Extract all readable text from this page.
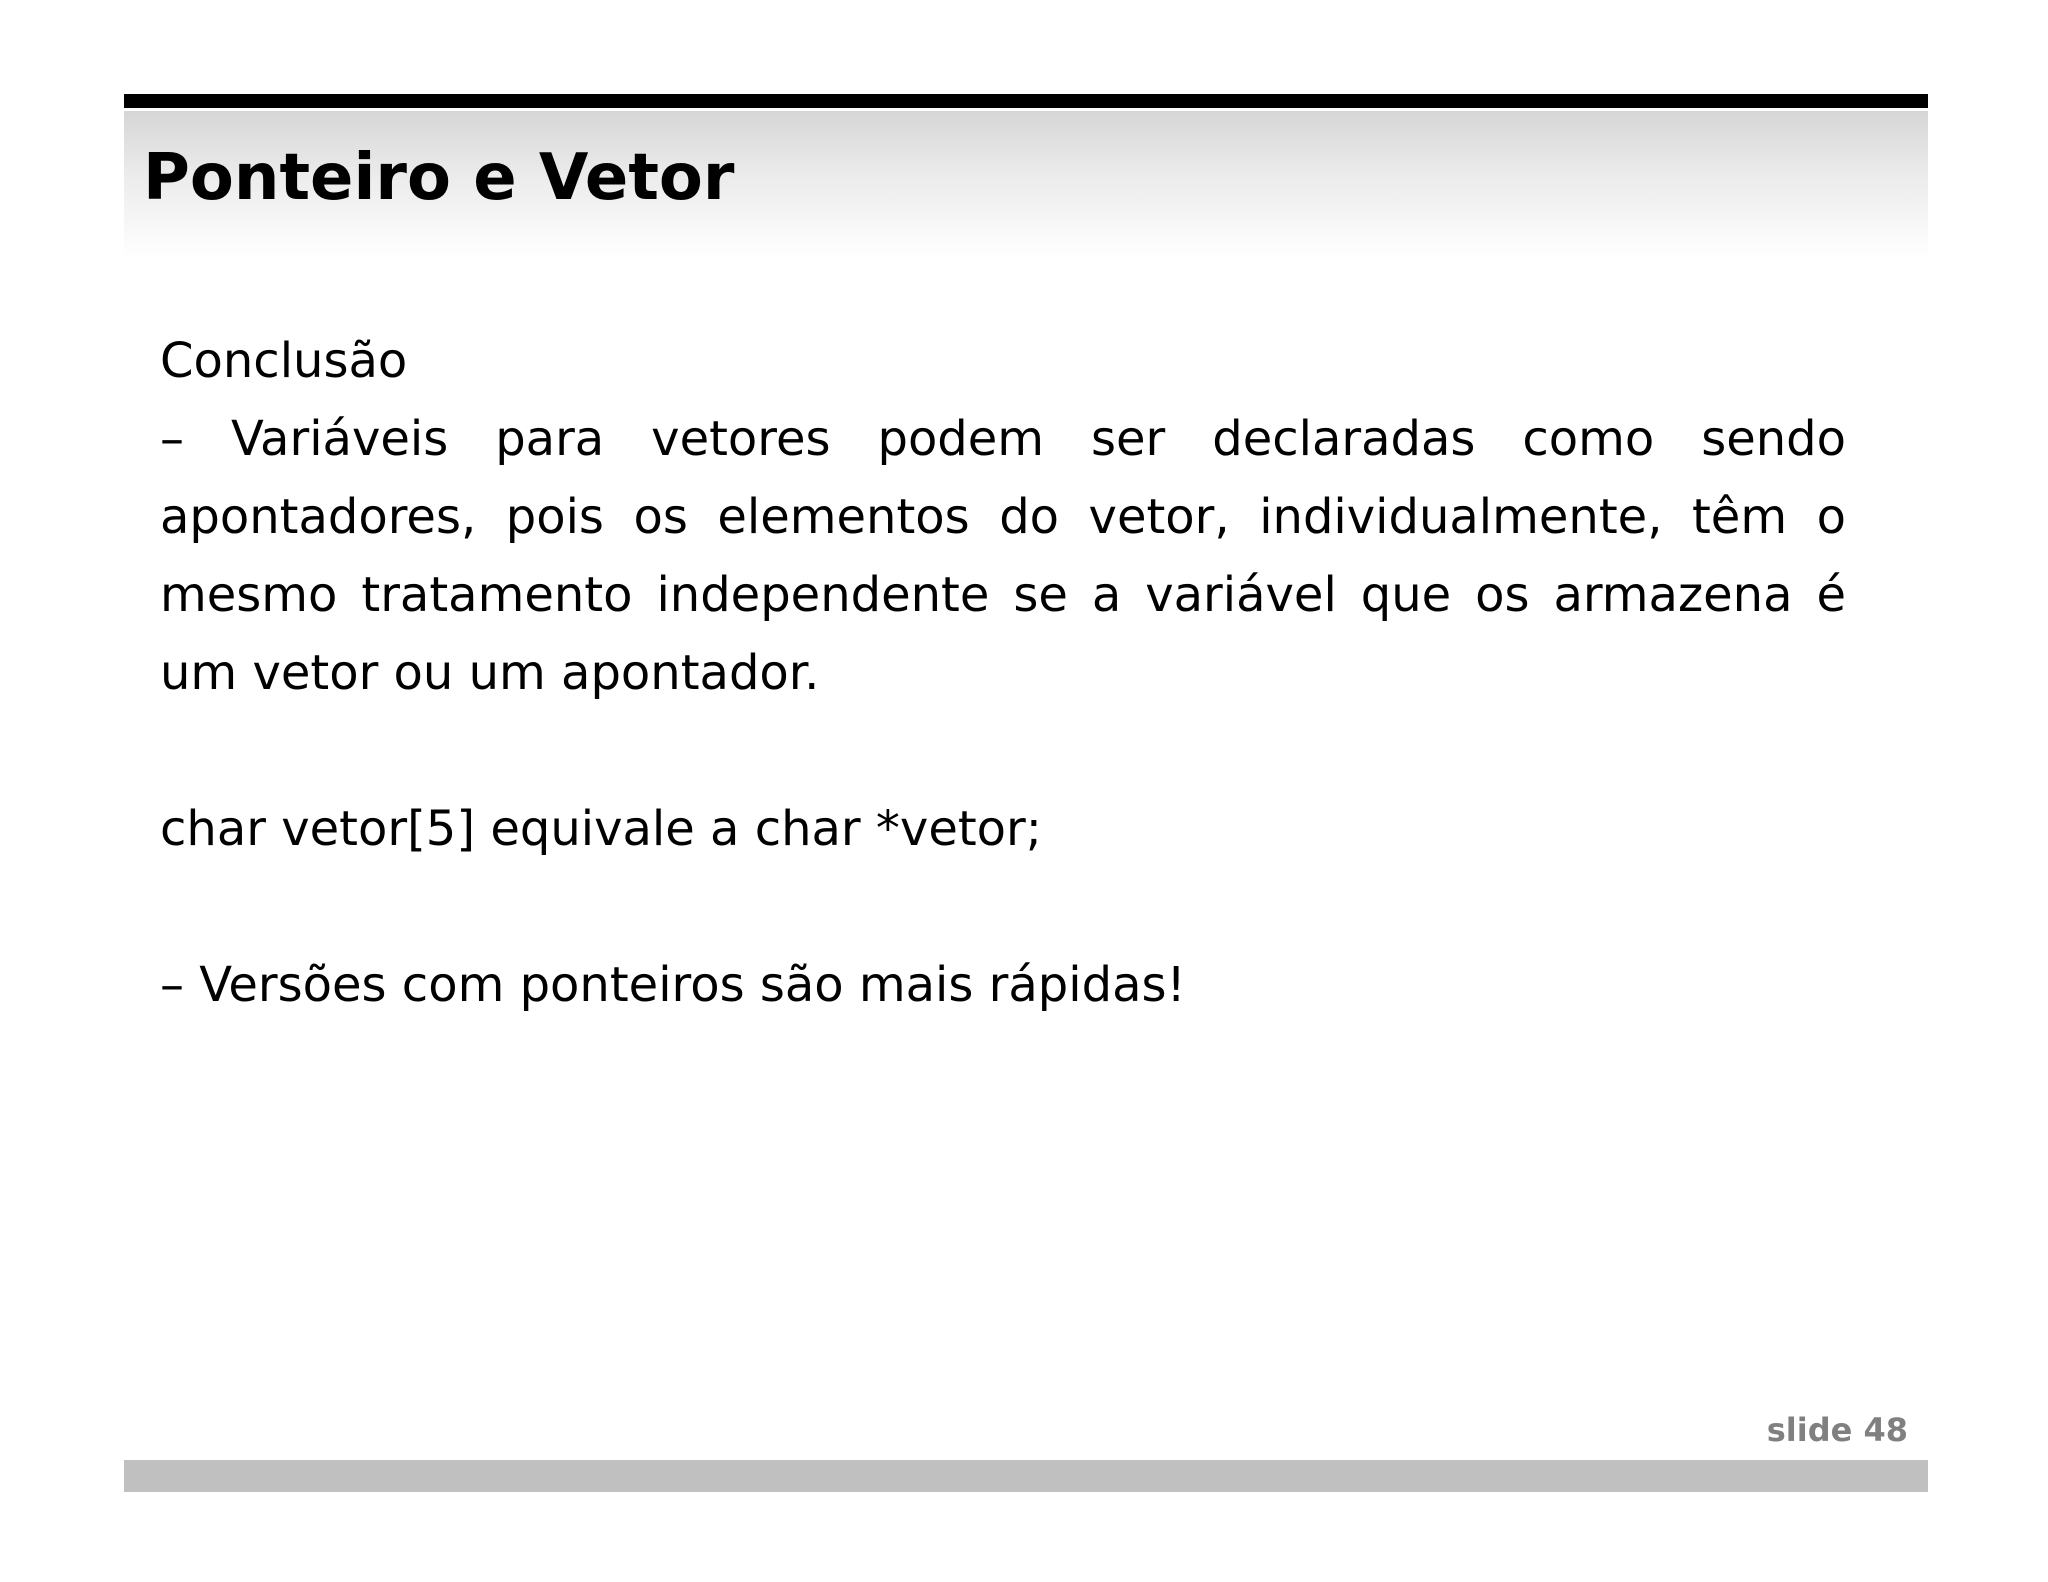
Ponteiro e Vetor

Conclusão

– Variáveis para vetores podem ser declaradas como sendo apontadores, pois os elementos do vetor, individualmente, têm o mesmo tratamento independente se a variável que os armazena é um vetor ou um apontador.

char vetor[5] equivale a char *vetor;

– Versões com ponteiros são mais rápidas!

slide 48
